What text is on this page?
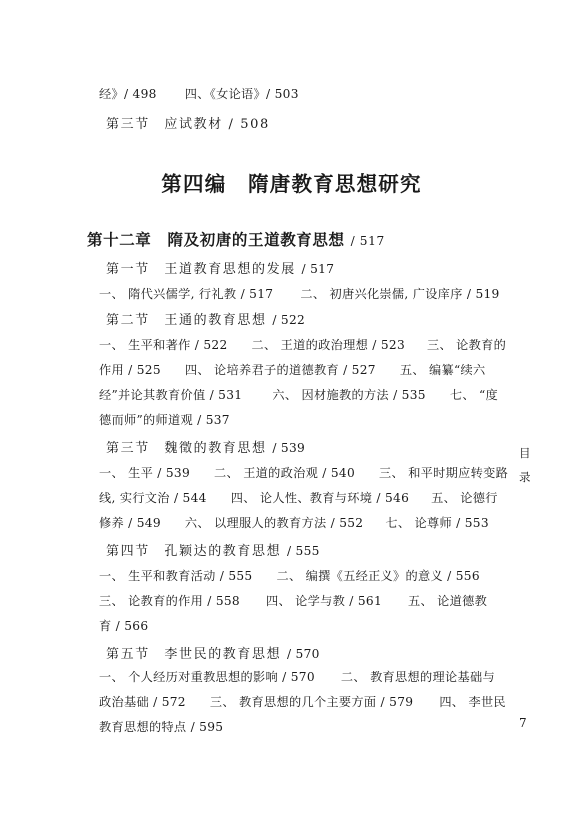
经》/ 498 四、《女论语》/ 503
第三节　应试教材 / 508
第四编　隋唐教育思想研究
第十二章　隋及初唐的王道教育思想 / 517
第一节　王道教育思想的发展 / 517
一、 隋代兴儒学, 行礼教 / 517 二、 初唐兴化崇儒, 广设庠序 / 519
第二节　王通的教育思想 / 522
一、 生平和著作 / 522 二、 王道的政治理想 / 523 三、 论教育的
作用 / 525 四、 论培养君子的道德教育 / 527 五、 编纂“续六
经”并论其教育价值 / 531 六、 因材施教的方法 / 535 七、 “度
德而师”的师道观 / 537
第三节　魏徵的教育思想 / 539
一、 生平 / 539 二、 王道的政治观 / 540 三、 和平时期应转变路
线, 实行文治 / 544 四、 论人性、教育与环境 / 546 五、 论德行
修养 / 549 六、 以理服人的教育方法 / 552 七、 论尊师 / 553
第四节　孔颖达的教育思想 / 555
一、 生平和教育活动 / 555 二、 编撰《五经正义》的意义 / 556
三、 论教育的作用 / 558 四、 论学与教 / 561 五、 论道德教
育 / 566
第五节　李世民的教育思想 / 570
一、 个人经历对重教思想的影响 / 570 二、 教育思想的理论基础与
政治基础 / 572 三、 教育思想的几个主要方面 / 579 四、 李世民
教育思想的特点 / 595
目
录
7
